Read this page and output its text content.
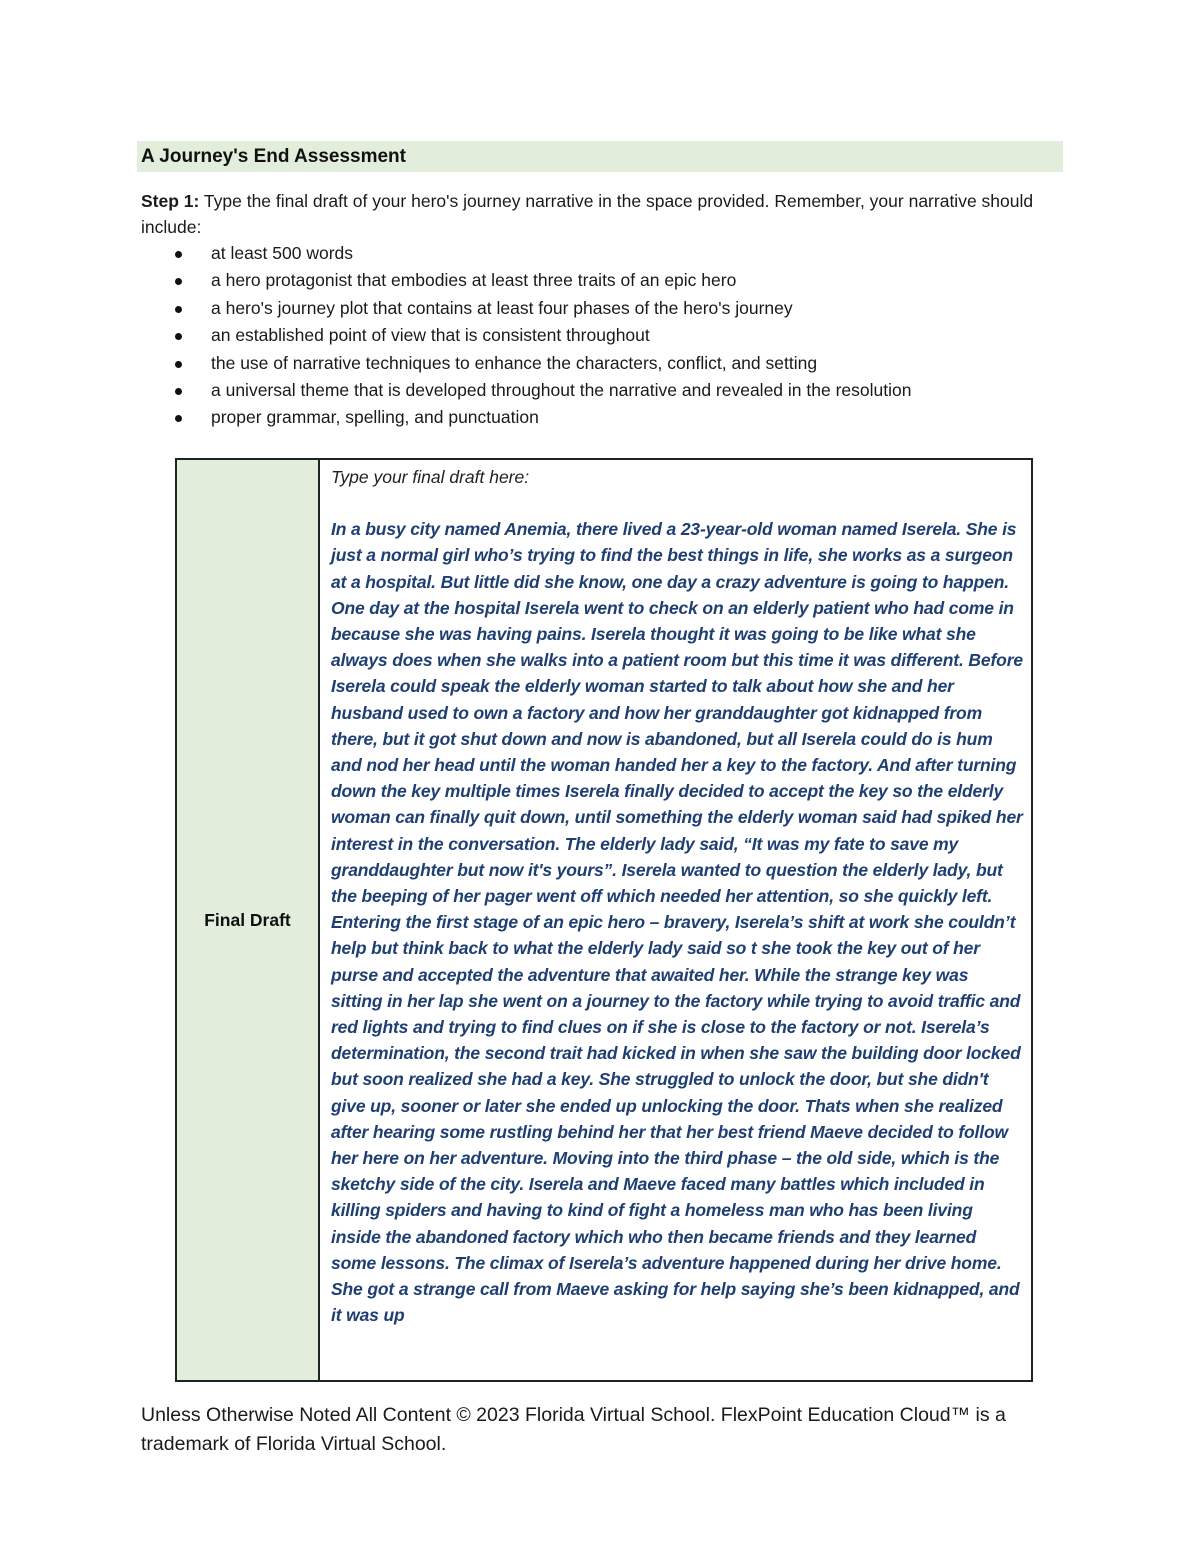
A Journey's End Assessment
Step 1: Type the final draft of your hero's journey narrative in the space provided. Remember, your narrative should include:
at least 500 words
a hero protagonist that embodies at least three traits of an epic hero
a hero's journey plot that contains at least four phases of the hero's journey
an established point of view that is consistent throughout
the use of narrative techniques to enhance the characters, conflict, and setting
a universal theme that is developed throughout the narrative and revealed in the resolution
proper grammar, spelling, and punctuation
Final Draft

Type your final draft here:

In a busy city named Anemia, there lived a 23-year-old woman named Iserela. She is just a normal girl who’s trying to find the best things in life, she works as a surgeon at a hospital. But little did she know, one day a crazy adventure is going to happen. One day at the hospital Iserela went to check on an elderly patient who had come in because she was having pains. Iserela thought it was going to be like what she always does when she walks into a patient room but this time it was different. Before Iserela could speak the elderly woman started to talk about how she and her husband used to own a factory and how her granddaughter got kidnapped from there, but it got shut down and now is abandoned, but all Iserela could do is hum and nod her head until the woman handed her a key to the factory. And after turning down the key multiple times Iserela finally decided to accept the key so the elderly woman can finally quit down, until something the elderly woman said had spiked her interest in the conversation. The elderly lady said, “It was my fate to save my granddaughter but now it's yours”. Iserela wanted to question the elderly lady, but the beeping of her pager went off which needed her attention, so she quickly left. Entering the first stage of an epic hero – bravery, Iserela’s shift at work she couldn’t help but think back to what the elderly lady said so t she took the key out of her purse and accepted the adventure that awaited her. While the strange key was sitting in her lap she went on a journey to the factory while trying to avoid traffic and red lights and trying to find clues on if she is close to the factory or not. Iserela’s determination, the second trait had kicked in when she saw the building door locked but soon realized she had a key. She struggled to unlock the door, but she didn't give up, sooner or later she ended up unlocking the door. Thats when she realized after hearing some rustling behind her that her best friend Maeve decided to follow her here on her adventure. Moving into the third phase – the old side, which is the sketchy side of the city. Iserela and Maeve faced many battles which included in killing spiders and having to kind of fight a homeless man who has been living inside the abandoned factory which who then became friends and they learned some lessons. The climax of Iserela’s adventure happened during her drive home. She got a strange call from Maeve asking for help saying she’s been kidnapped, and it was up

Unless Otherwise Noted All Content © 2023 Florida Virtual School. FlexPoint Education Cloud™ is a trademark of Florida Virtual School.
